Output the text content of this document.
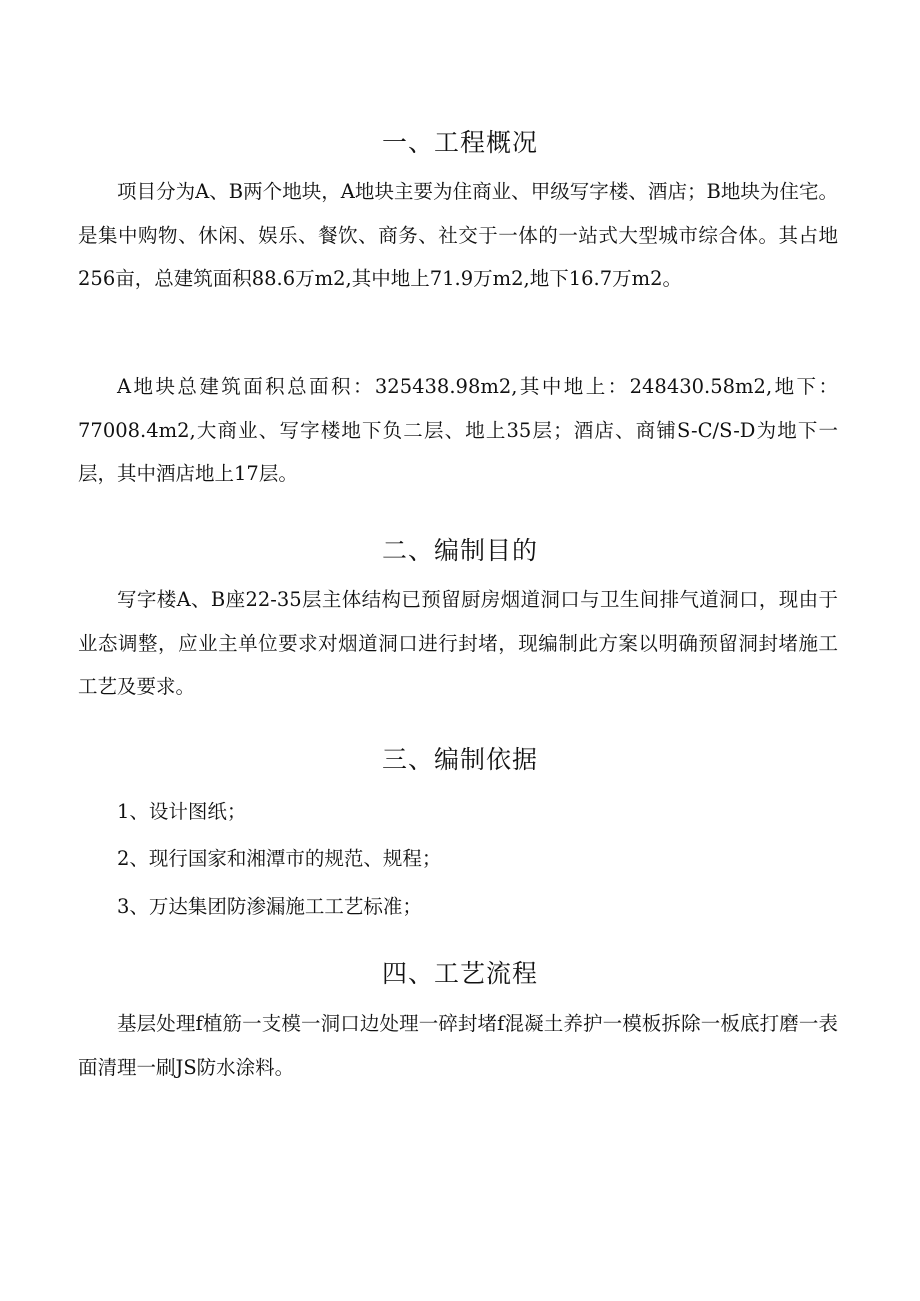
一、工程概况

项目分为A、B两个地块，A地块主要为住商业、甲级写字楼、酒店；B地块为住宅。是集中购物、休闲、娱乐、餐饮、商务、社交于一体的一站式大型城市综合体。其占地256亩，总建筑面积88.6万m2,其中地上71.9万m2,地下16.7万m2。

A地块总建筑面积总面积：325438.98m2,其中地上：248430.58m2,地下：77008.4m2,大商业、写字楼地下负二层、地上35层；酒店、商铺S-C/S-D为地下一层，其中酒店地上17层。

二、编制目的

写字楼A、B座22-35层主体结构已预留厨房烟道洞口与卫生间排气道洞口，现由于业态调整，应业主单位要求对烟道洞口进行封堵，现编制此方案以明确预留洞封堵施工工艺及要求。

三、编制依据

1、设计图纸；

2、现行国家和湘潭市的规范、规程；

3、万达集团防渗漏施工工艺标准；

四、工艺流程

基层处理f植筋一支模一洞口边处理一碎封堵f混凝土养护一模板拆除一板底打磨一表面清理一刷JS防水涂料。
